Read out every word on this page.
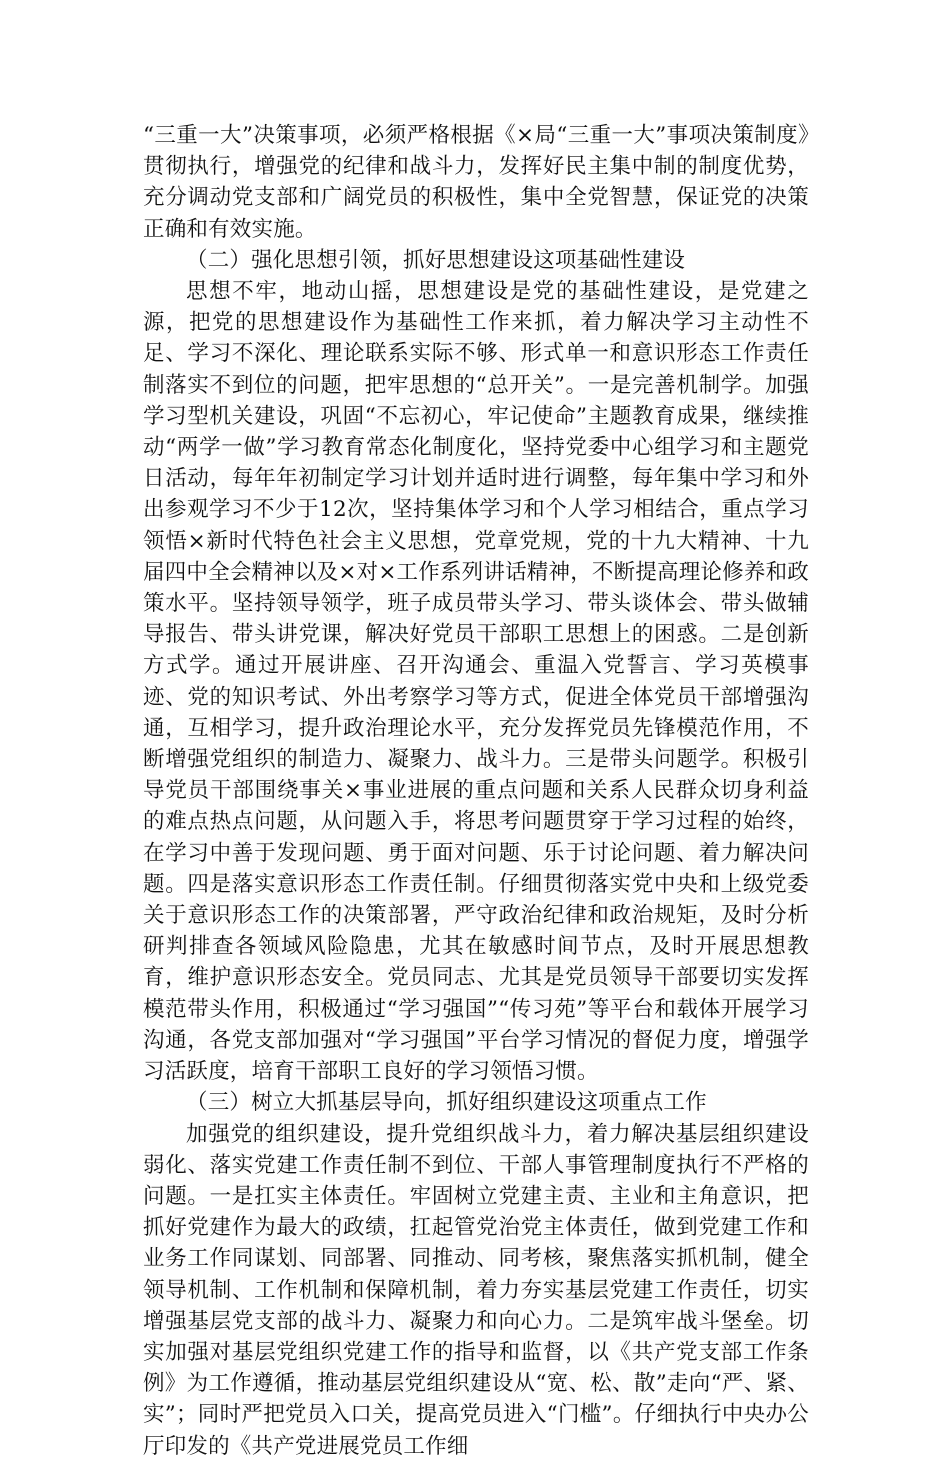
“三重一大”决策事项，必须严格根据《×局“三重一大”事项决策制度》贯彻执行，增强党的纪律和战斗力，发挥好民主集中制的制度优势，充分调动党支部和广阔党员的积极性，集中全党智慧，保证党的决策正确和有效实施。

（二）强化思想引领，抓好思想建设这项基础性建设

思想不牢，地动山摇，思想建设是党的基础性建设，是党建之源，把党的思想建设作为基础性工作来抓，着力解决学习主动性不足、学习不深化、理论联系实际不够、形式单一和意识形态工作责任制落实不到位的问题，把牢思想的“总开关”。一是完善机制学。加强学习型机关建设，巩固“不忘初心，牢记使命”主题教育成果，继续推动“两学一做”学习教育常态化制度化，坚持党委中心组学习和主题党日活动，每年年初制定学习计划并适时进行调整，每年集中学习和外出参观学习不少于12次，坚持集体学习和个人学习相结合，重点学习领悟×新时代特色社会主义思想，党章党规，党的十九大精神、十九届四中全会精神以及×对×工作系列讲话精神，不断提高理论修养和政策水平。坚持领导领学，班子成员带头学习、带头谈体会、带头做辅导报告、带头讲党课，解决好党员干部职工思想上的困惑。二是创新方式学。通过开展讲座、召开沟通会、重温入党誓言、学习英模事迹、党的知识考试、外出考察学习等方式，促进全体党员干部增强沟通，互相学习，提升政治理论水平，充分发挥党员先锋模范作用，不断增强党组织的制造力、凝聚力、战斗力。三是带头问题学。积极引导党员干部围绕事关×事业进展的重点问题和关系人民群众切身利益的难点热点问题，从问题入手，将思考问题贯穿于学习过程的始终，在学习中善于发现问题、勇于面对问题、乐于讨论问题、着力解决问题。四是落实意识形态工作责任制。仔细贯彻落实党中央和上级党委关于意识形态工作的决策部署，严守政治纪律和政治规矩，及时分析研判排查各领域风险隐患，尤其在敏感时间节点，及时开展思想教育，维护意识形态安全。党员同志、尤其是党员领导干部要切实发挥模范带头作用，积极通过“学习强国”“传习苑”等平台和载体开展学习沟通，各党支部加强对“学习强国”平台学习情况的督促力度，增强学习活跃度，培育干部职工良好的学习领悟习惯。

（三）树立大抓基层导向，抓好组织建设这项重点工作

加强党的组织建设，提升党组织战斗力，着力解决基层组织建设弱化、落实党建工作责任制不到位、干部人事管理制度执行不严格的问题。一是扛实主体责任。牢固树立党建主责、主业和主角意识，把抓好党建作为最大的政绩，扛起管党治党主体责任，做到党建工作和业务工作同谋划、同部署、同推动、同考核，聚焦落实抓机制，健全领导机制、工作机制和保障机制，着力夯实基层党建工作责任，切实增强基层党支部的战斗力、凝聚力和向心力。二是筑牢战斗堡垒。切实加强对基层党组织党建工作的指导和监督，以《共产党支部工作条例》为工作遵循，推动基层党组织建设从“宽、松、散”走向“严、紧、实”；同时严把党员入口关，提高党员进入“门槛”。仔细执行中央办公厅印发的《共产党进展党员工作细
